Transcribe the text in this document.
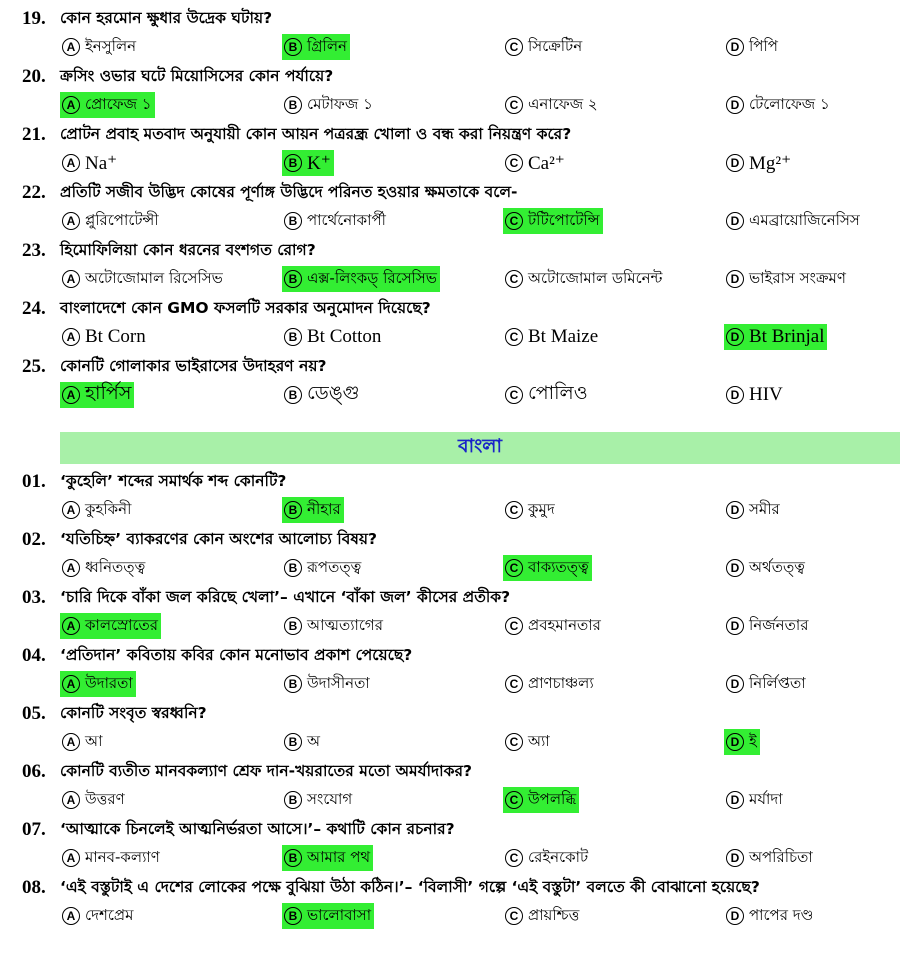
19. কোন হরমোন ক্ষুধার উদ্রেক ঘটায়?
A ইনসুলিন	B গ্রিলিন	C সিক্রেটিন	D পিপি
20. ক্রসিং ওভার ঘটে মিয়োসিসের কোন পর্যায়ে?
A প্রোফেজ ১	B মেটাফজ ১	C এনাফেজ ২	D টেলোফেজ ১
21. প্রোটন প্রবাহ মতবাদ অনুযায়ী কোন আয়ন পত্ররন্ধ্র খোলা ও বন্ধ করা নিয়ন্ত্রণ করে?
A Na⁺	B K⁺	C Ca²⁺	D Mg²⁺
22. প্রতিটি সজীব উদ্ভিদ কোষের পূর্ণাঙ্গ উদ্ভিদে পরিনত হওয়ার ক্ষমতাকে বলে-
A প্লুরিপোটেন্সী	B পার্থেনোকার্পী	C টটিপোটেন্সি	D এমব্রায়োজিনেসিস
23. হিমোফিলিয়া কোন ধরনের বংশগত রোগ?
A অটোজোমাল রিসেসিভ	B এক্স-লিংকড্ রিসেসিভ	C অটোজোমাল ডমিনেন্ট	D ভাইরাস সংক্রমণ
24. বাংলাদেশে কোন GMO ফসলটি সরকার অনুমোদন দিয়েছে?
A Bt Corn	B Bt Cotton	C Bt Maize	D Bt Brinjal
25. কোনটি গোলাকার ভাইরাসের উদাহরণ নয়?
A হার্পিস	B ডেঙ্গু	C পোলিও	D HIV
01. ‘কুহেলি’ শব্দের সমার্থক শব্দ কোনটি?
A কুহকিনী	B নীহার	C কুমুদ	D সমীর
02. ‘যতিচিহ্ন’ ব্যাকরণের কোন অংশের আলোচ্য বিষয়?
A ধ্বনিতত্ত্ব	B রূপতত্ত্ব	C বাক্যতত্ত্ব	D অর্থতত্ত্ব
03. ‘চারি দিকে বাঁকা জল করিছে খেলা’– এখানে ‘বাঁকা জল’ কীসের প্রতীক?
A কালস্রোতের	B আত্মত্যাগের	C প্রবহমানতার	D নির্জনতার
04. ‘প্রতিদান’ কবিতায় কবির কোন মনোভাব প্রকাশ পেয়েছে?
A উদারতা	B উদাসীনতা	C প্রাণচাঞ্চল্য	D নির্লিপ্ততা
05. কোনটি সংবৃত স্বরধ্বনি?
A আ	B অ	C অ্যা	D ই
06. কোনটি ব্যতীত মানবকল্যাণ শ্রেফ দান-খয়রাতের মতো অমর্যাদাকর?
A উত্তরণ	B সংযোগ	C উপলব্ধি	D মর্যাদা
07. ‘আত্মাকে চিনলেই আত্মনির্ভরতা আসে।’– কথাটি কোন রচনার?
A মানব-কল্যাণ	B আমার পথ	C রেইনকোট	D অপরিচিতা
08. ‘এই বস্তুটাই এ দেশের লোকের পক্ষে বুঝিয়া উঠা কঠিন।’– ‘বিলাসী’ গল্পে ‘এই বস্তুটা’ বলতে কী বোঝানো হয়েছে?
A দেশপ্রেম	B ভালোবাসা	C প্রায়শ্চিত্ত	D পাপের দণ্ড
বাংলা
